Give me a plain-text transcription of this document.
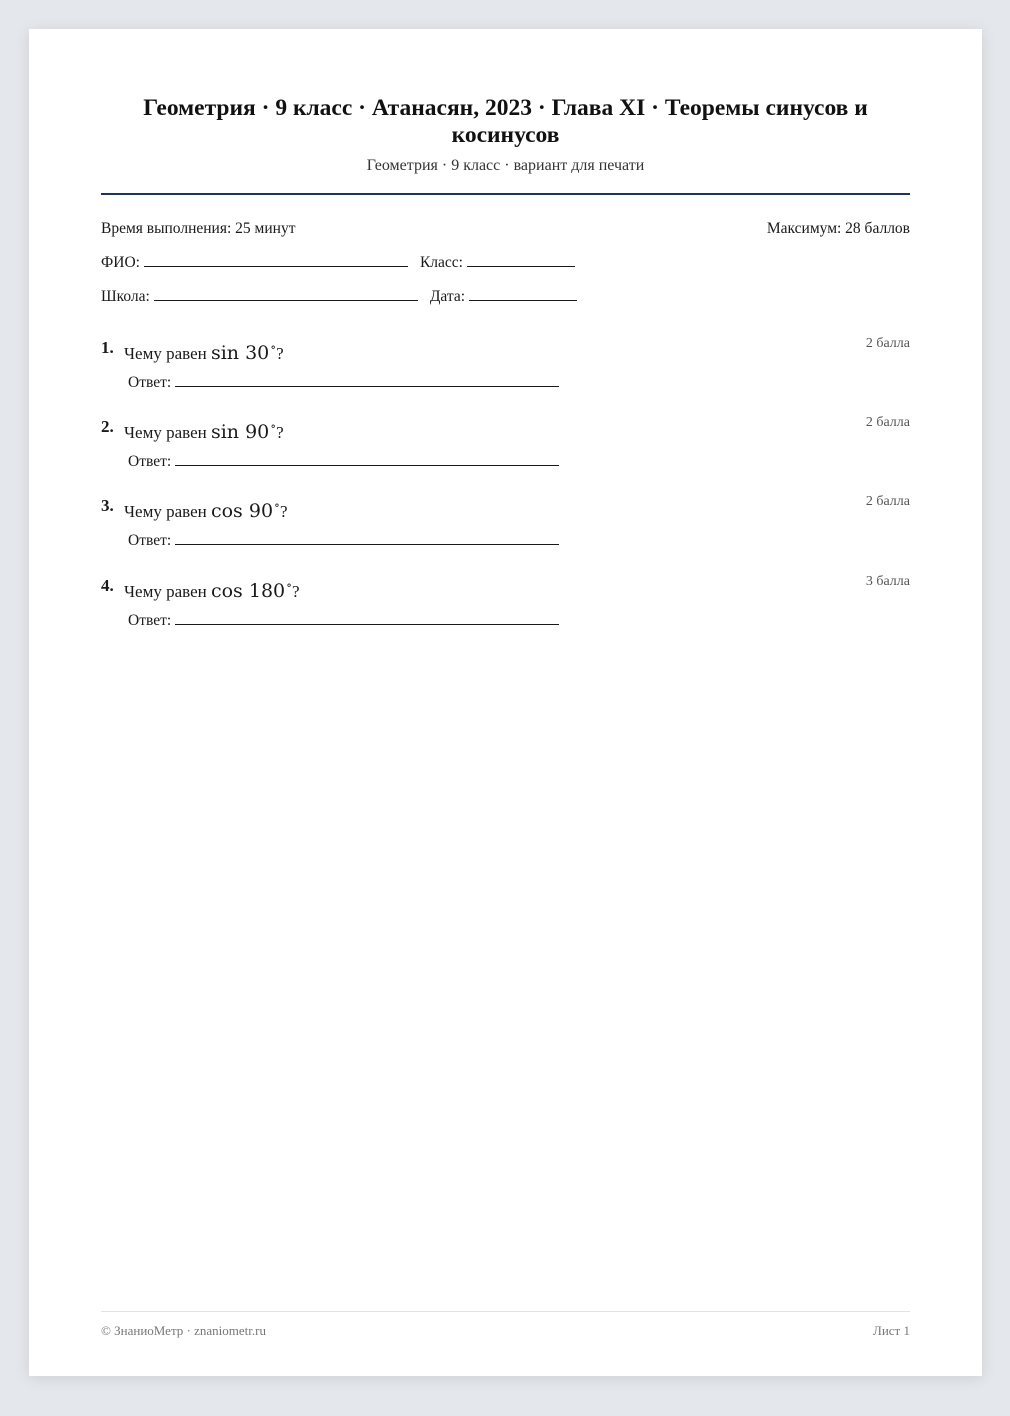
Геометрия · 9 класс · Атанасян, 2023 · Глава XI · Теоремы синусов и косинусов
Геометрия · 9 класс · вариант для печати
Время выполнения: 25 минут	Максимум: 28 баллов
ФИО:	Класс:
Школа:	Дата:
1. Чему равен sin 30∘?
2 балла
Ответ:
2. Чему равен sin 90∘?
2 балла
Ответ:
3. Чему равен cos 90∘?
2 балла
Ответ:
4. Чему равен cos 180∘?
3 балла
Ответ:
© ЗнаниоМетр · znaniometr.ru	Лист 1
